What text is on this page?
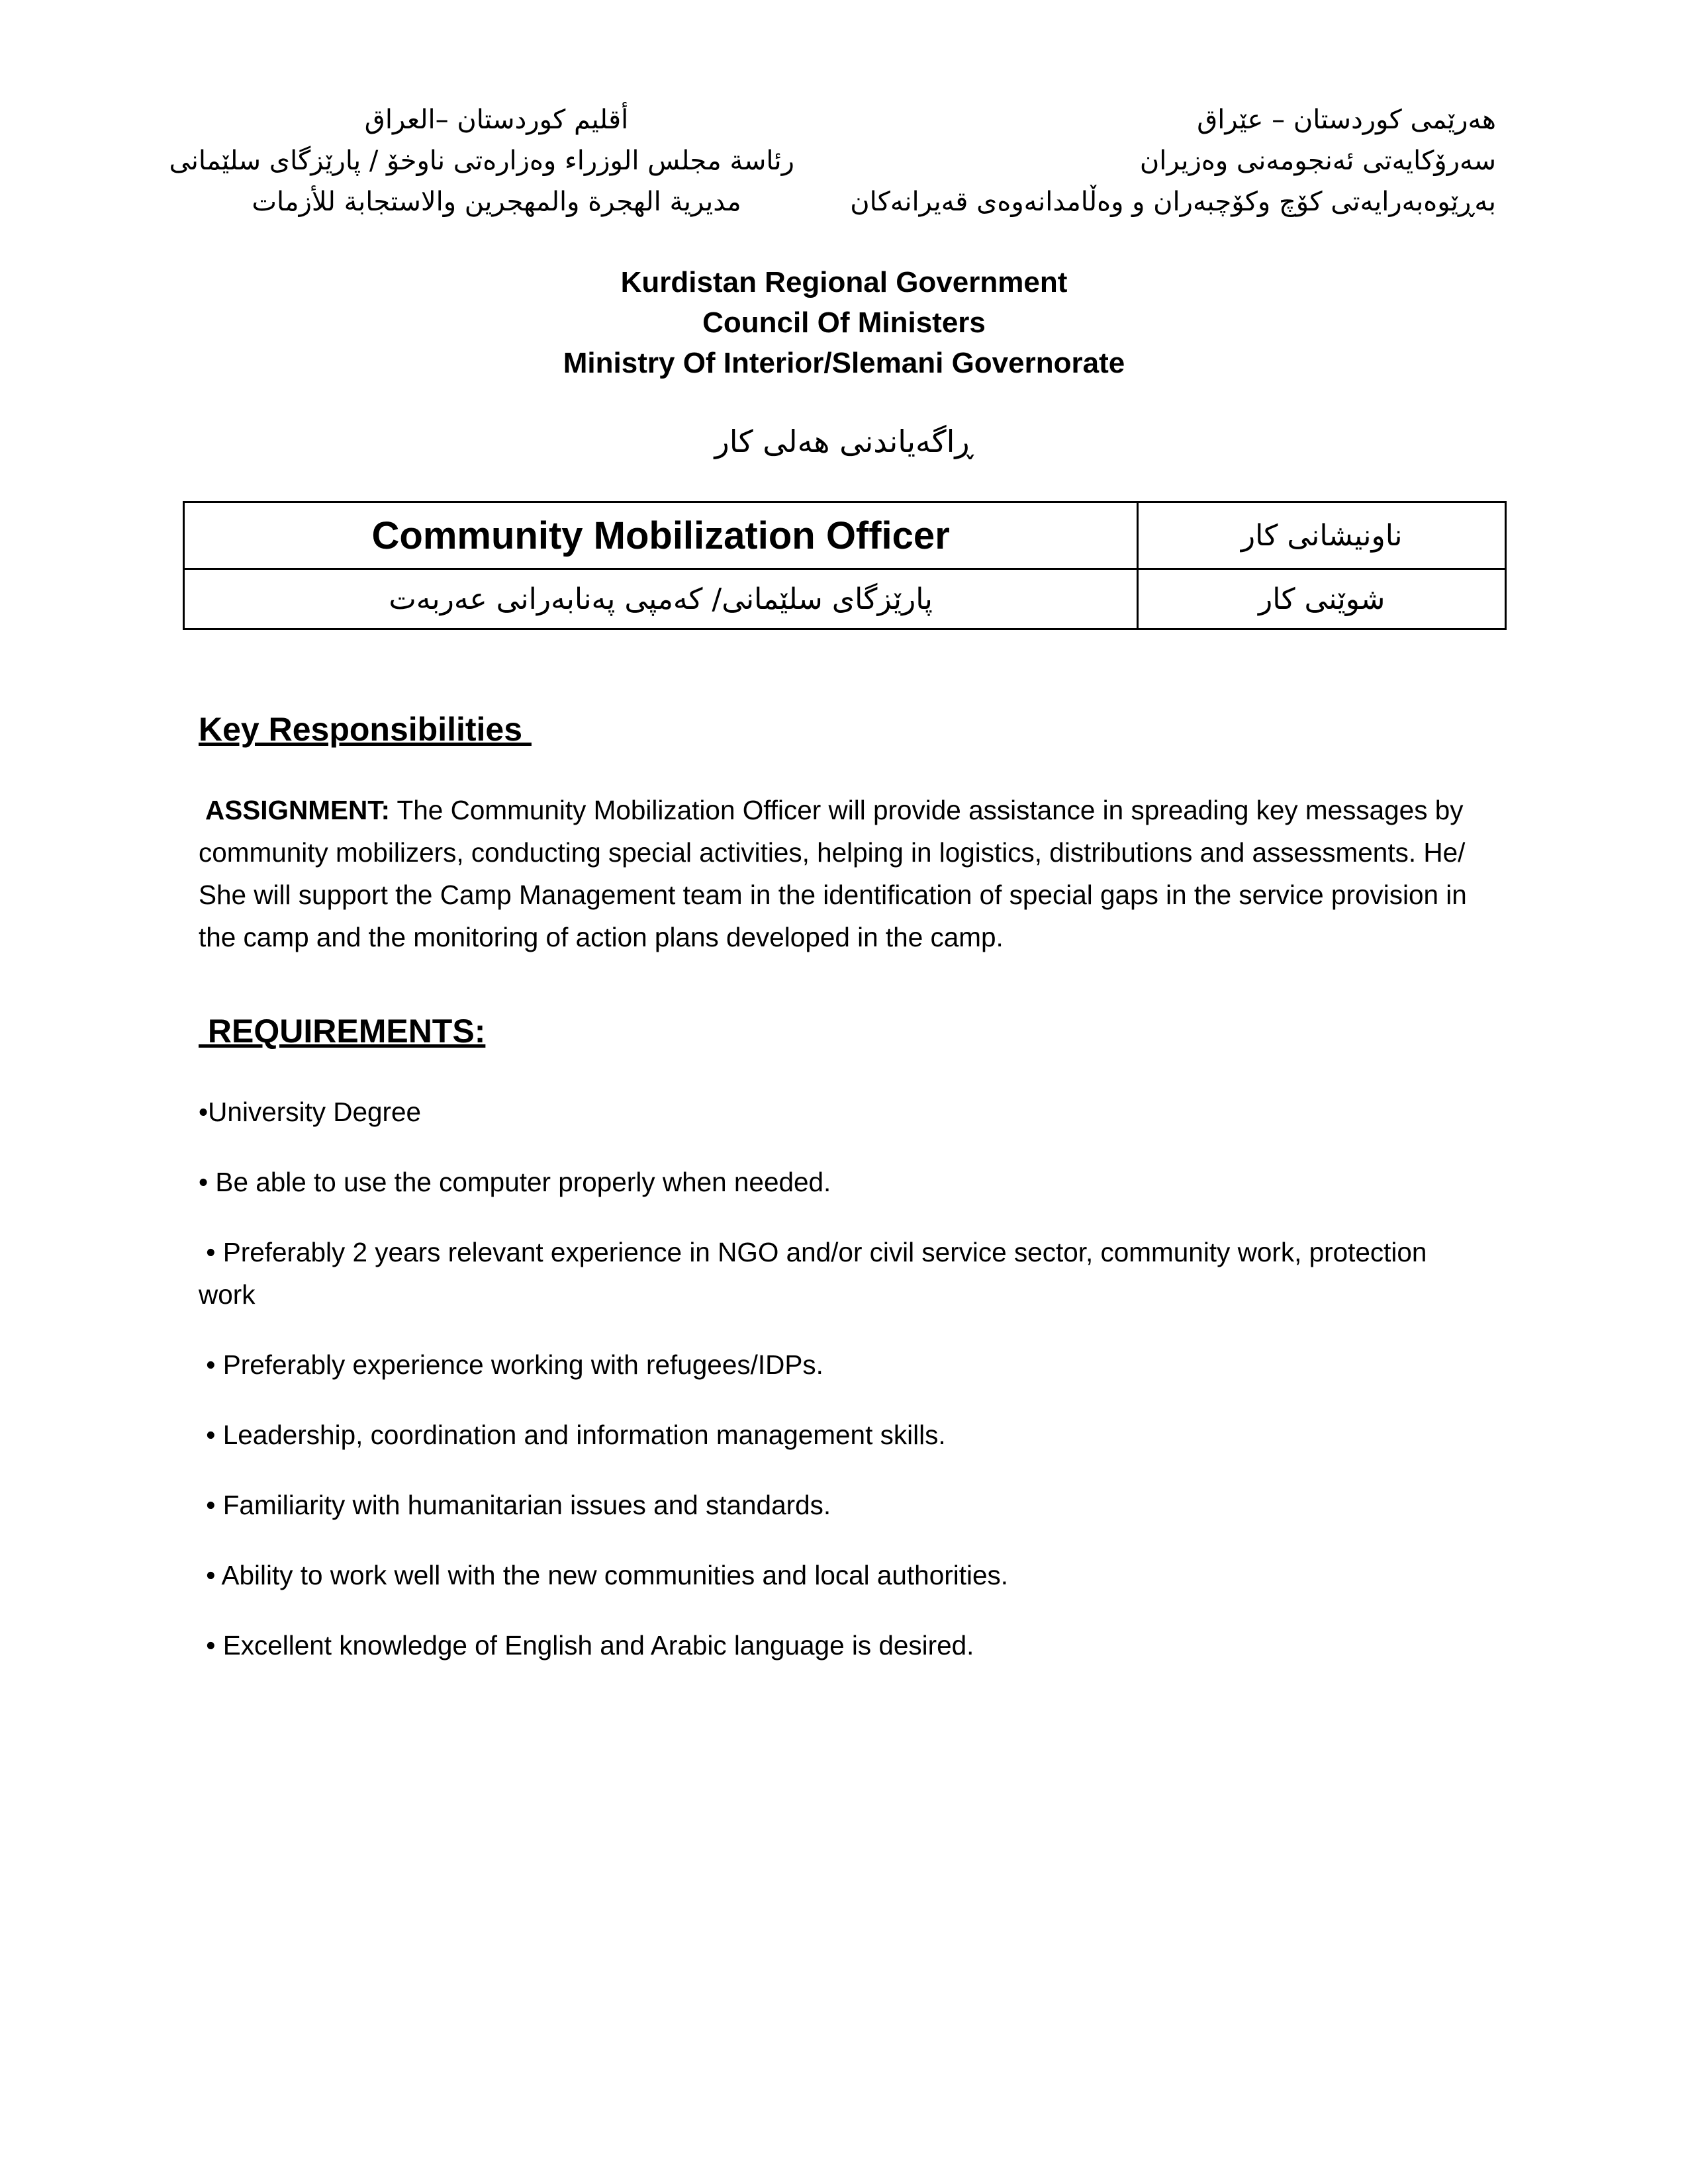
هەرێمی کوردستان – عێراق
سەرۆکایەتی ئەنجومەنی وەزیران
بەڕێوەبەرایەتی کۆچ وکۆچبەران و وەڵامدانەوەی قەیرانەکان
أقليم كوردستان –العراق
رئاسة مجلس الوزراء وەزارەتی ناوخۆ / پارێزگای سلێمانی
مديرية الهجرة والمهجرين والاستجابة للأزمات
Kurdistan Regional Government
Council Of Ministers
Ministry Of Interior/Slemani Governorate
ڕاگەیاندنی هەلی کار
Community Mobilization Officer	ناونیشانی کار
پارێزگای سلێمانی/ کەمپی پەنابەرانی عەربەت	شوێنی کار
Key Responsibilities
ASSIGNMENT: The Community Mobilization Officer will provide assistance in spreading key messages by community mobilizers, conducting special activities, helping in logistics, distributions and assessments. He/ She will support the Camp Management team in the identification of special gaps in the service provision in the camp and the monitoring of action plans developed in the camp.
REQUIREMENTS:
•University Degree
• Be able to use the computer properly when needed.
• Preferably 2 years relevant experience in NGO and/or civil service sector, community work, protection work
• Preferably experience working with refugees/IDPs.
• Leadership, coordination and information management skills.
• Familiarity with humanitarian issues and standards.
• Ability to work well with the new communities and local authorities.
• Excellent knowledge of English and Arabic language is desired.
